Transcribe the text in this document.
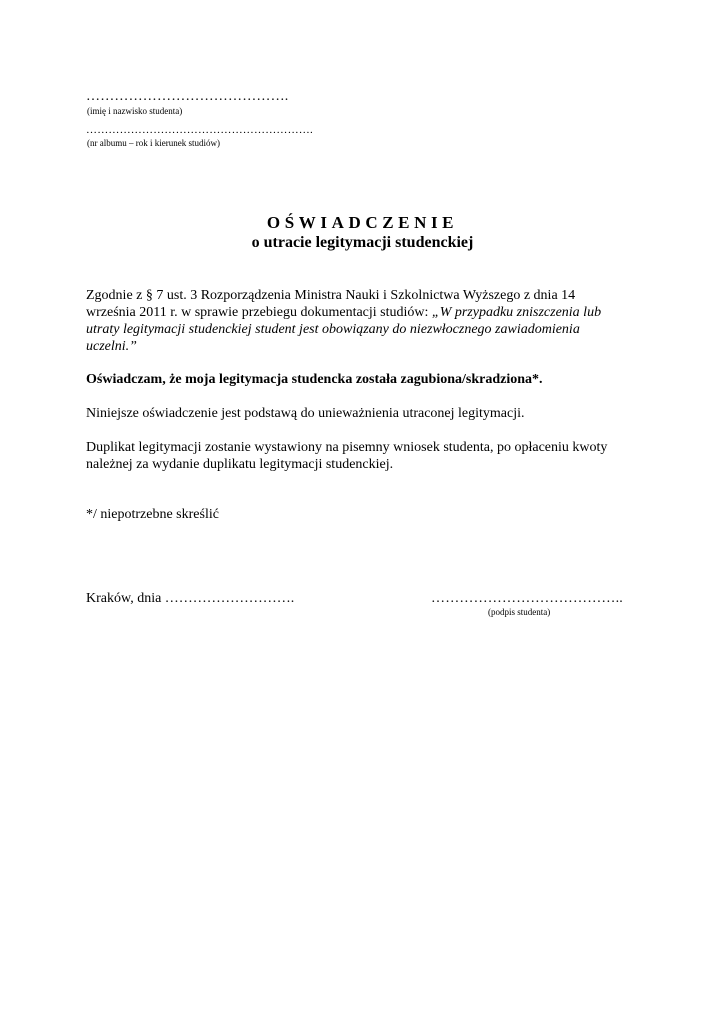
…………………………………….
(imię i nazwisko studenta)
…………………………………………………….
(nr albumu – rok i kierunek studiów)
OŚWIADCZENIE
o utracie legitymacji studenckiej
Zgodnie z § 7 ust. 3 Rozporządzenia Ministra Nauki i Szkolnictwa Wyższego z dnia 14
września 2011 r. w sprawie przebiegu dokumentacji studiów: „W przypadku zniszczenia lub
utraty legitymacji studenckiej student jest obowiązany do niezwłocznego zawiadomienia
uczelni.”
Oświadczam, że moja legitymacja studencka została zagubiona/skradziona*.
Niniejsze oświadczenie jest podstawą do unieważnienia utraconej legitymacji.
Duplikat legitymacji zostanie wystawiony na pisemny wniosek studenta, po opłaceniu kwoty
należnej za wydanie duplikatu legitymacji studenckiej.
*/ niepotrzebne skreślić
Kraków, dnia ……………………….	…………………………………..
(podpis studenta)
